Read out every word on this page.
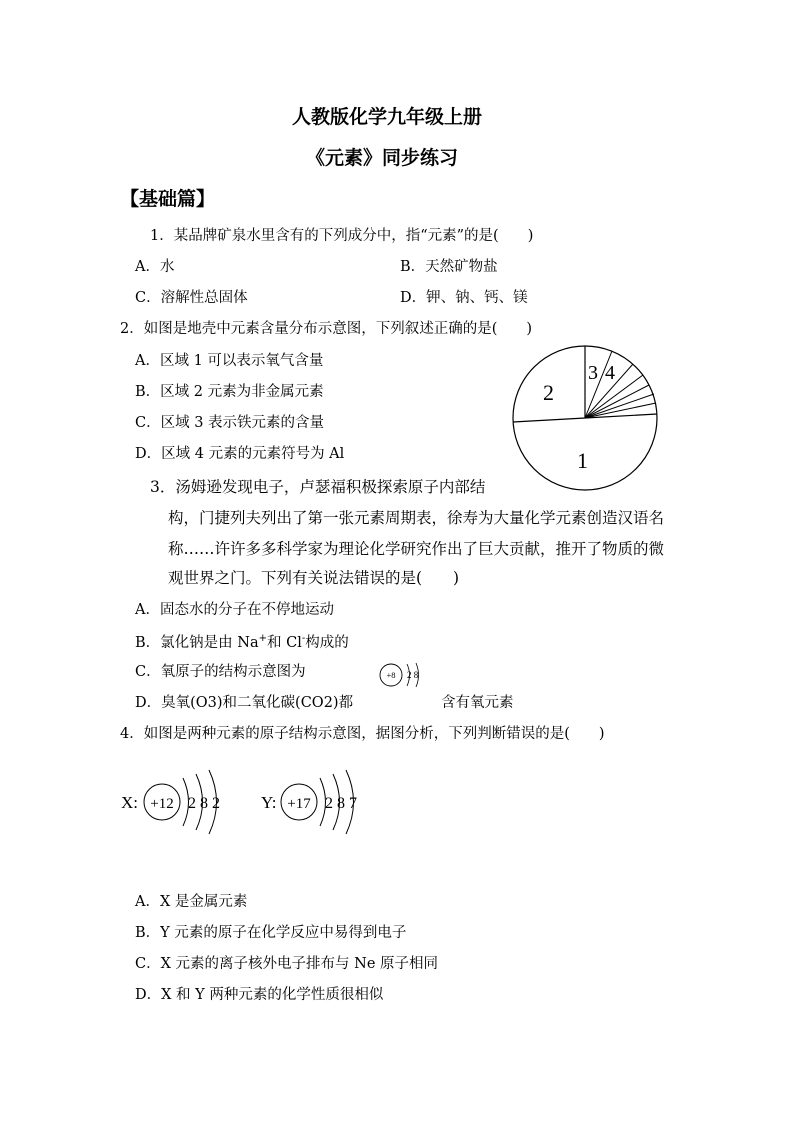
人教版化学九年级上册
《元素》同步练习
【基础篇】
1．某品牌矿泉水里含有的下列成分中，指“元素”的是(　　)
A．水	B．天然矿物盐
C．溶解性总固体	D．钾、钠、钙、镁
2．如图是地壳中元素含量分布示意图，下列叙述正确的是(　　)
A．区域 1 可以表示氧气含量
B．区域 2 元素为非金属元素
C．区域 3 表示铁元素的含量
D．区域 4 元素的元素符号为 Al	1
2
3 4
3．汤姆逊发现电子，卢瑟福积极探索原子内部结
构，门捷列夫列出了第一张元素周期表，徐寿为大量化学元素创造汉语名
称……许许多多科学家为理论化学研究作出了巨大贡献，推开了物质的微
观世界之门。下列有关说法错误的是(　　)
A．固态水的分子在不停地运动
B．氯化钠是由 Na+和 Cl-构成的
C．氧原子的结构示意图为	+8 2 8
D．臭氧(O3)和二氧化碳(CO2)都	含有氧元素
4．如图是两种元素的原子结构示意图，据图分析，下列判断错误的是(　　)
X: +12 2 8 2 Y: +17 2 8 7
A．X 是金属元素
B．Y 元素的原子在化学反应中易得到电子
C．X 元素的离子核外电子排布与 Ne 原子相同
D．X 和 Y 两种元素的化学性质很相似
